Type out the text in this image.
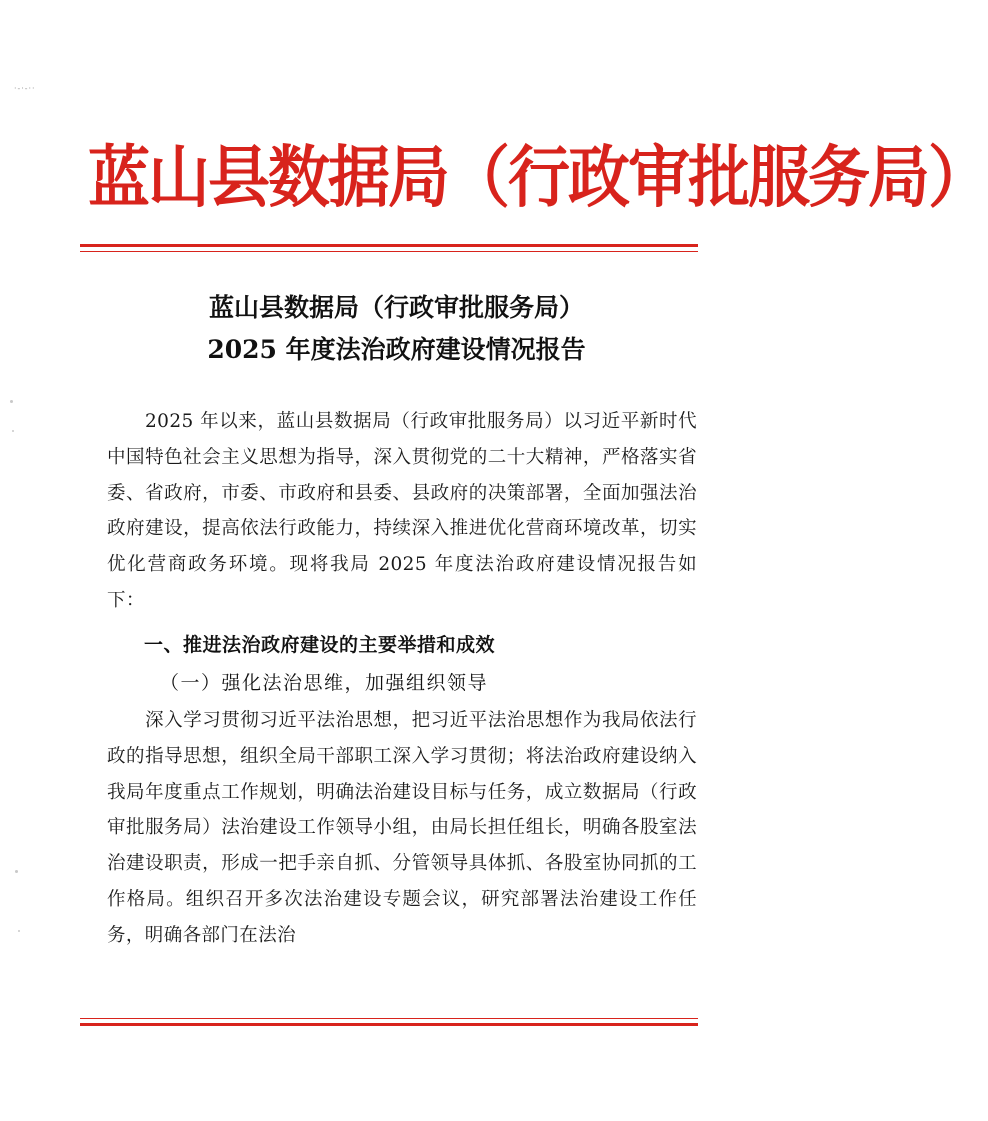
·-·-··
蓝山县数据局（行政审批服务局）
蓝山县数据局（行政审批服务局）
2025 年度法治政府建设情况报告
2025 年以来，蓝山县数据局（行政审批服务局）以习近平新时代中国特色社会主义思想为指导，深入贯彻党的二十大精神，严格落实省委、省政府，市委、市政府和县委、县政府的决策部署，全面加强法治政府建设，提高依法行政能力，持续深入推进优化营商环境改革，切实优化营商政务环境。现将我局 2025 年度法治政府建设情况报告如下：
一、推进法治政府建设的主要举措和成效
（一）强化法治思维，加强组织领导
深入学习贯彻习近平法治思想，把习近平法治思想作为我局依法行政的指导思想，组织全局干部职工深入学习贯彻；将法治政府建设纳入我局年度重点工作规划，明确法治建设目标与任务，成立数据局（行政审批服务局）法治建设工作领导小组，由局长担任组长，明确各股室法治建设职责，形成一把手亲自抓、分管领导具体抓、各股室协同抓的工作格局。组织召开多次法治建设专题会议，研究部署法治建设工作任务，明确各部门在法治
